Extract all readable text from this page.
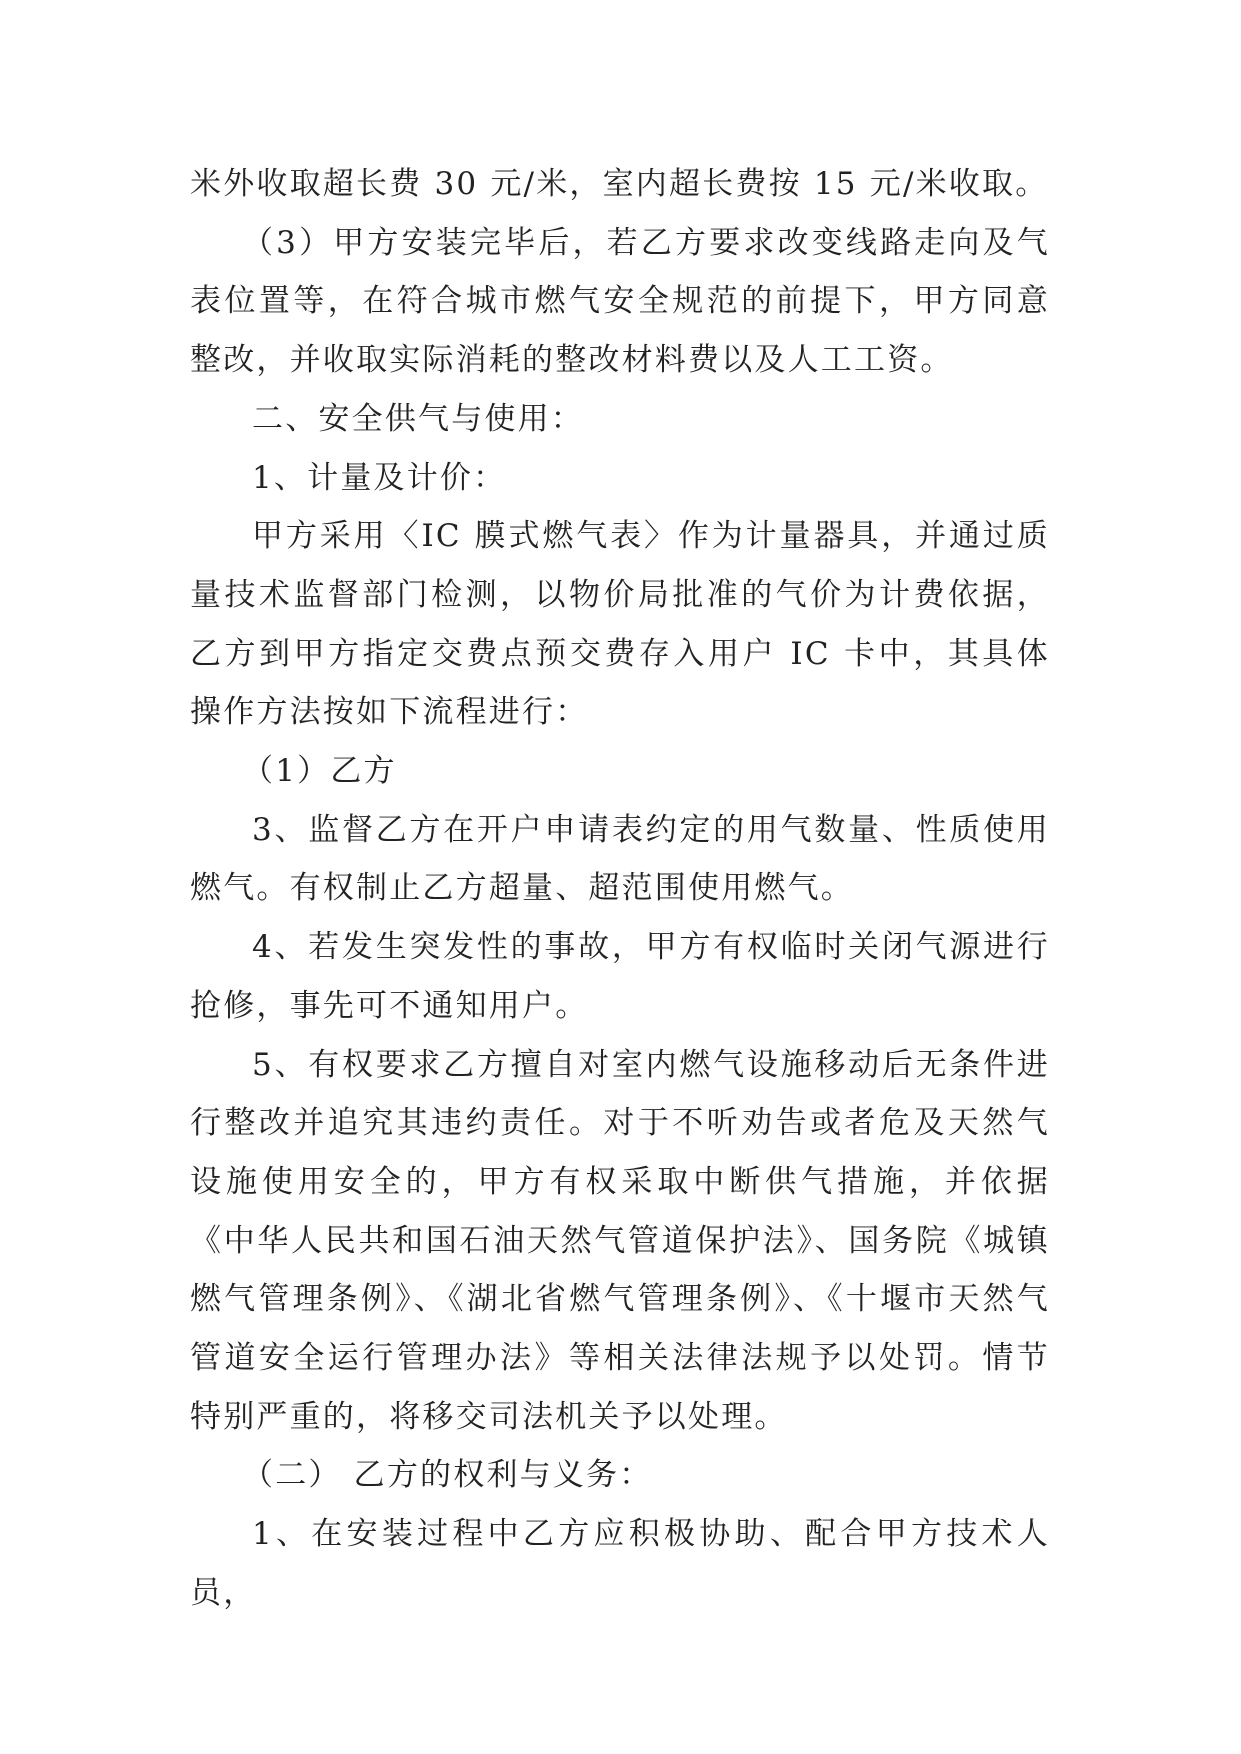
米外收取超长费 30 元/米，室内超长费按 15 元/米收取。

（3）甲方安装完毕后，若乙方要求改变线路走向及气表位置等，在符合城市燃气安全规范的前提下，甲方同意整改，并收取实际消耗的整改材料费以及人工工资。

二、安全供气与使用：

1、计量及计价：

甲方采用〈IC 膜式燃气表〉作为计量器具，并通过质量技术监督部门检测，以物价局批准的气价为计费依据，乙方到甲方指定交费点预交费存入用户 IC 卡中，其具体操作方法按如下流程进行：

（1）乙方

3、监督乙方在开户申请表约定的用气数量、性质使用燃气。有权制止乙方超量、超范围使用燃气。

4、若发生突发性的事故，甲方有权临时关闭气源进行抢修，事先可不通知用户。

5、有权要求乙方擅自对室内燃气设施移动后无条件进行整改并追究其违约责任。对于不听劝告或者危及天然气设施使用安全的，甲方有权采取中断供气措施，并依据《中华人民共和国石油天然气管道保护法》、国务院《城镇燃气管理条例》、《湖北省燃气管理条例》、《十堰市天然气管道安全运行管理办法》等相关法律法规予以处罚。情节特别严重的，将移交司法机关予以处理。

（二） 乙方的权利与义务：

1、在安装过程中乙方应积极协助、配合甲方技术人员，
